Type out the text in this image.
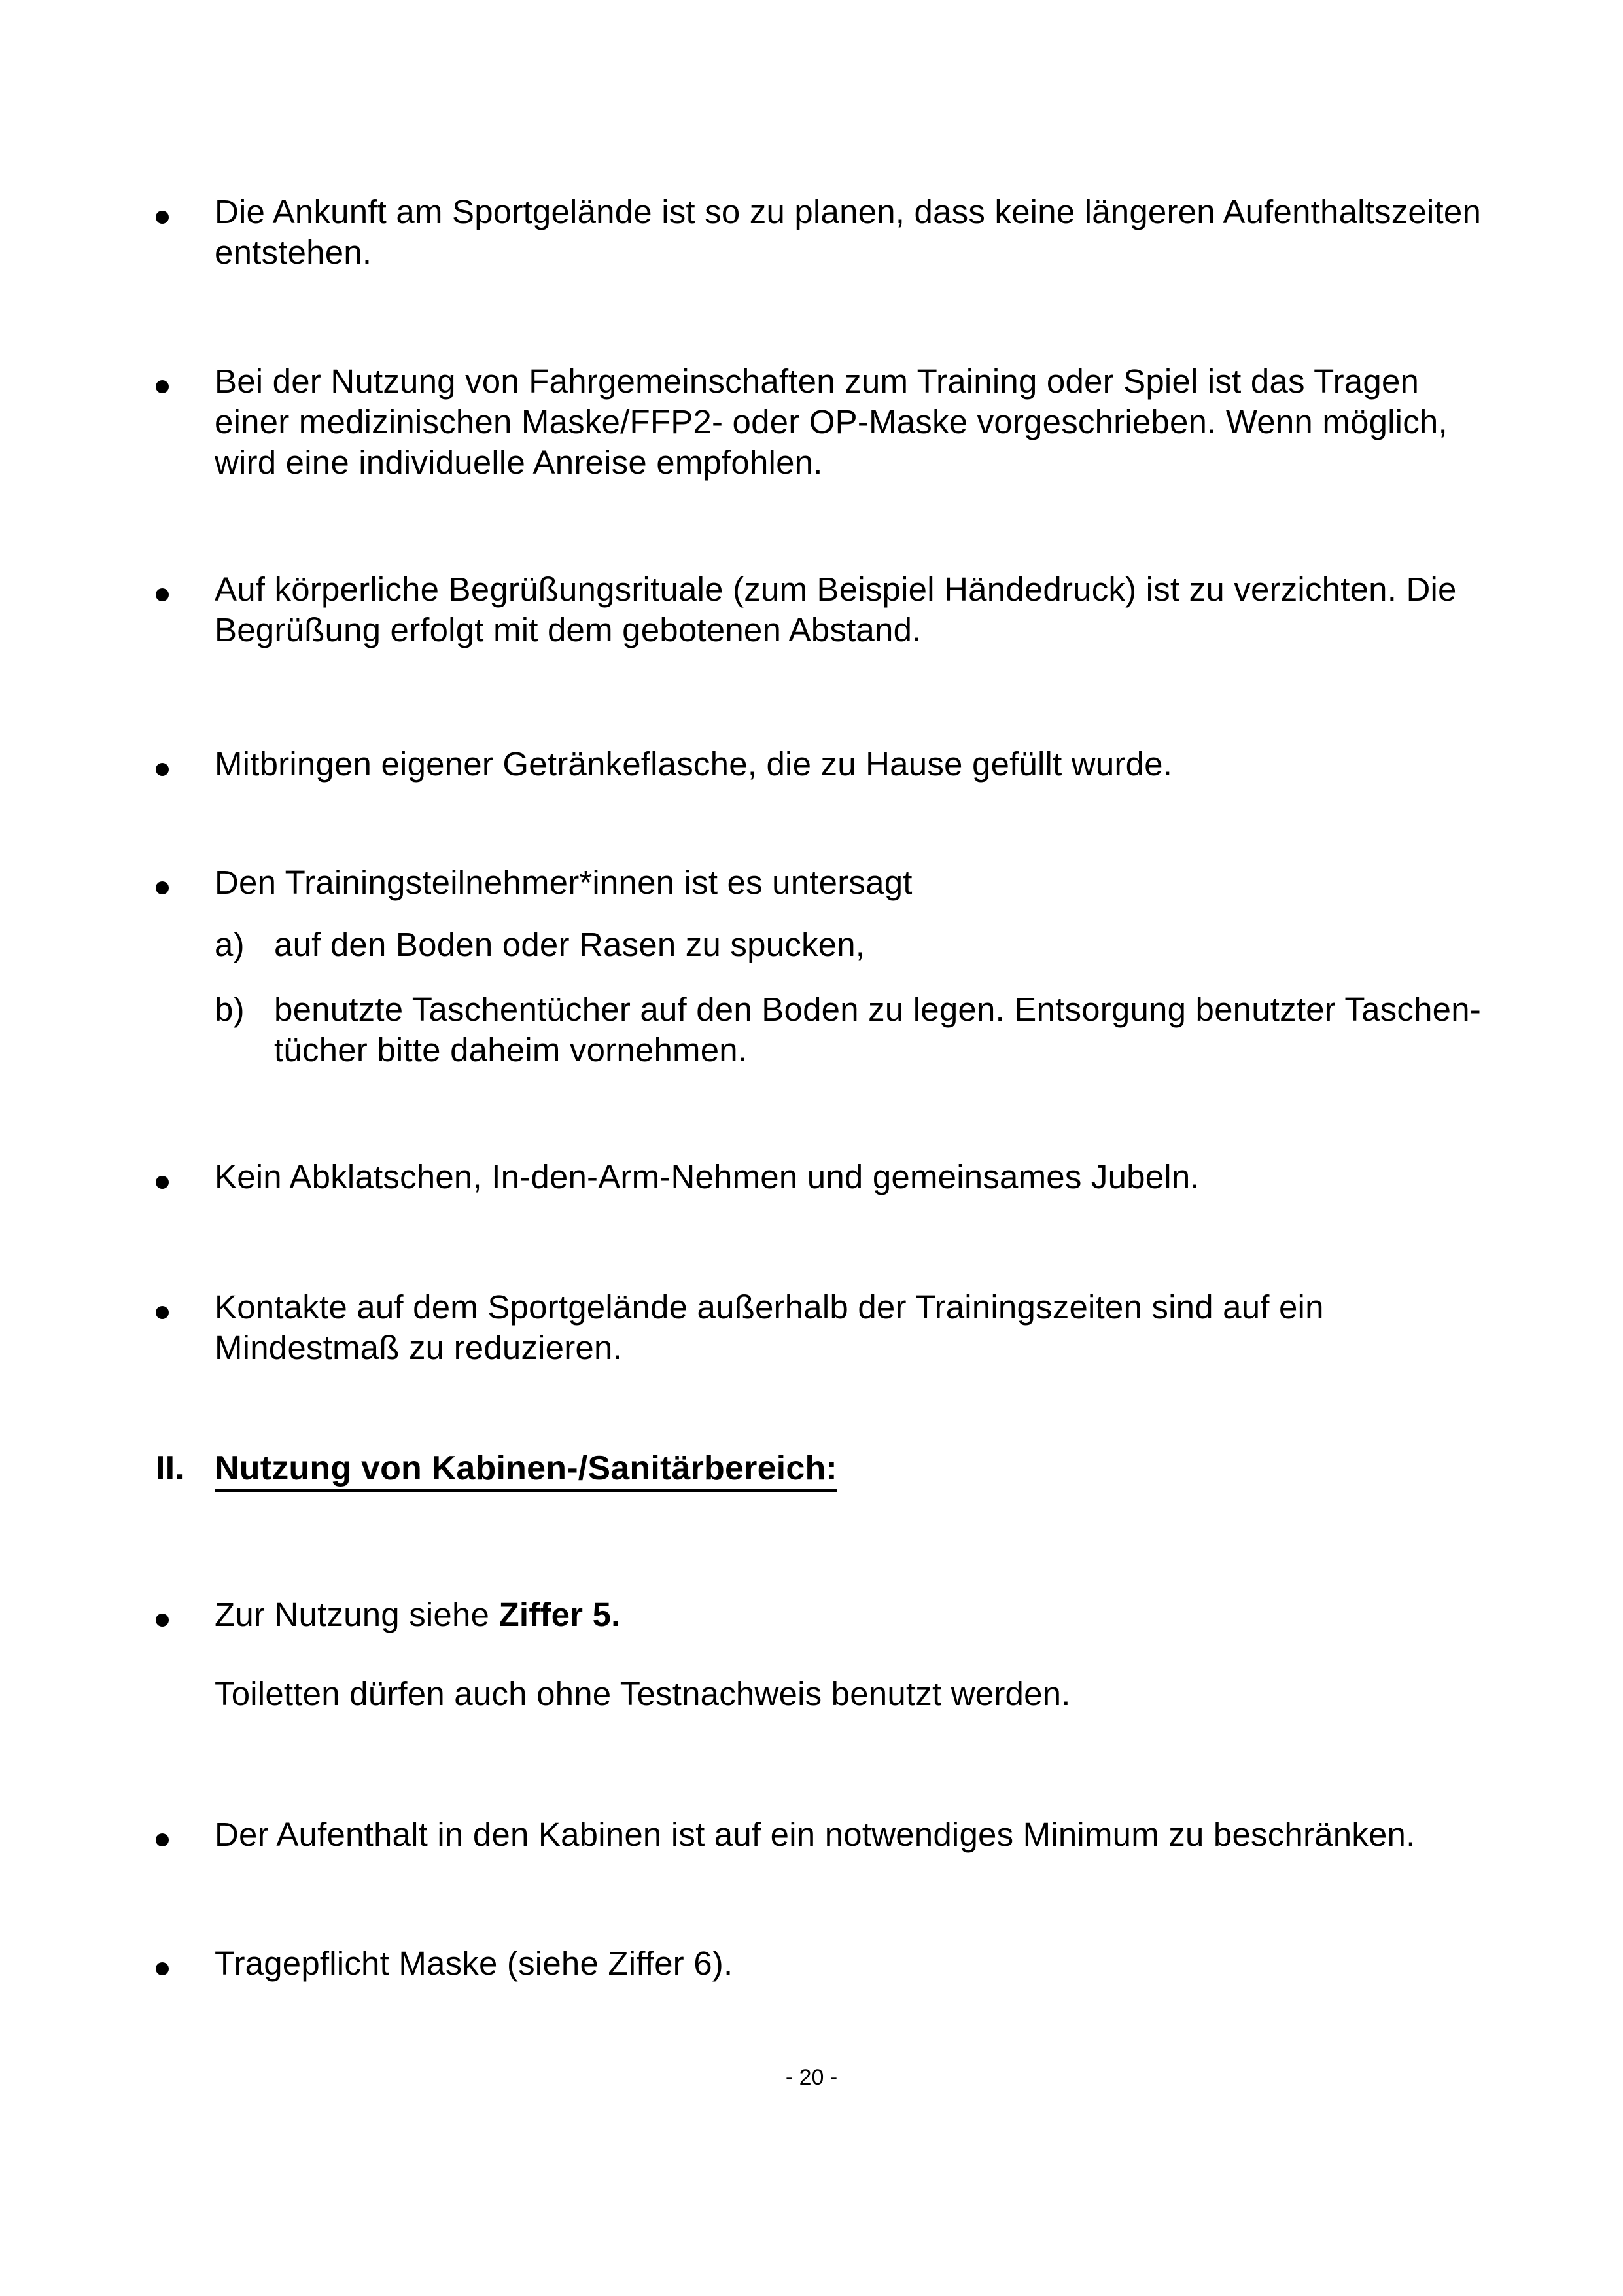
Die Ankunft am Sportgelände ist so zu planen, dass keine längeren Aufenthaltszeiten
entstehen.
Bei der Nutzung von Fahrgemeinschaften zum Training oder Spiel ist das Tragen
einer medizinischen Maske/FFP2- oder OP-Maske vorgeschrieben. Wenn möglich,
wird eine individuelle Anreise empfohlen.
Auf körperliche Begrüßungsrituale (zum Beispiel Händedruck) ist zu verzichten. Die
Begrüßung erfolgt mit dem gebotenen Abstand.
Mitbringen eigener Getränkeflasche, die zu Hause gefüllt wurde.
Den Trainingsteilnehmer*innen ist es untersagt
a) auf den Boden oder Rasen zu spucken,
b) benutzte Taschentücher auf den Boden zu legen. Entsorgung benutzter Taschen-
tücher bitte daheim vornehmen.
Kein Abklatschen, In-den-Arm-Nehmen und gemeinsames Jubeln.
Kontakte auf dem Sportgelände außerhalb der Trainingszeiten sind auf ein
Mindestmaß zu reduzieren.
II. Nutzung von Kabinen-/Sanitärbereich:
Zur Nutzung siehe Ziffer 5.
Toiletten dürfen auch ohne Testnachweis benutzt werden.
Der Aufenthalt in den Kabinen ist auf ein notwendiges Minimum zu beschränken.
Tragepflicht Maske (siehe Ziffer 6).
- 20 -
